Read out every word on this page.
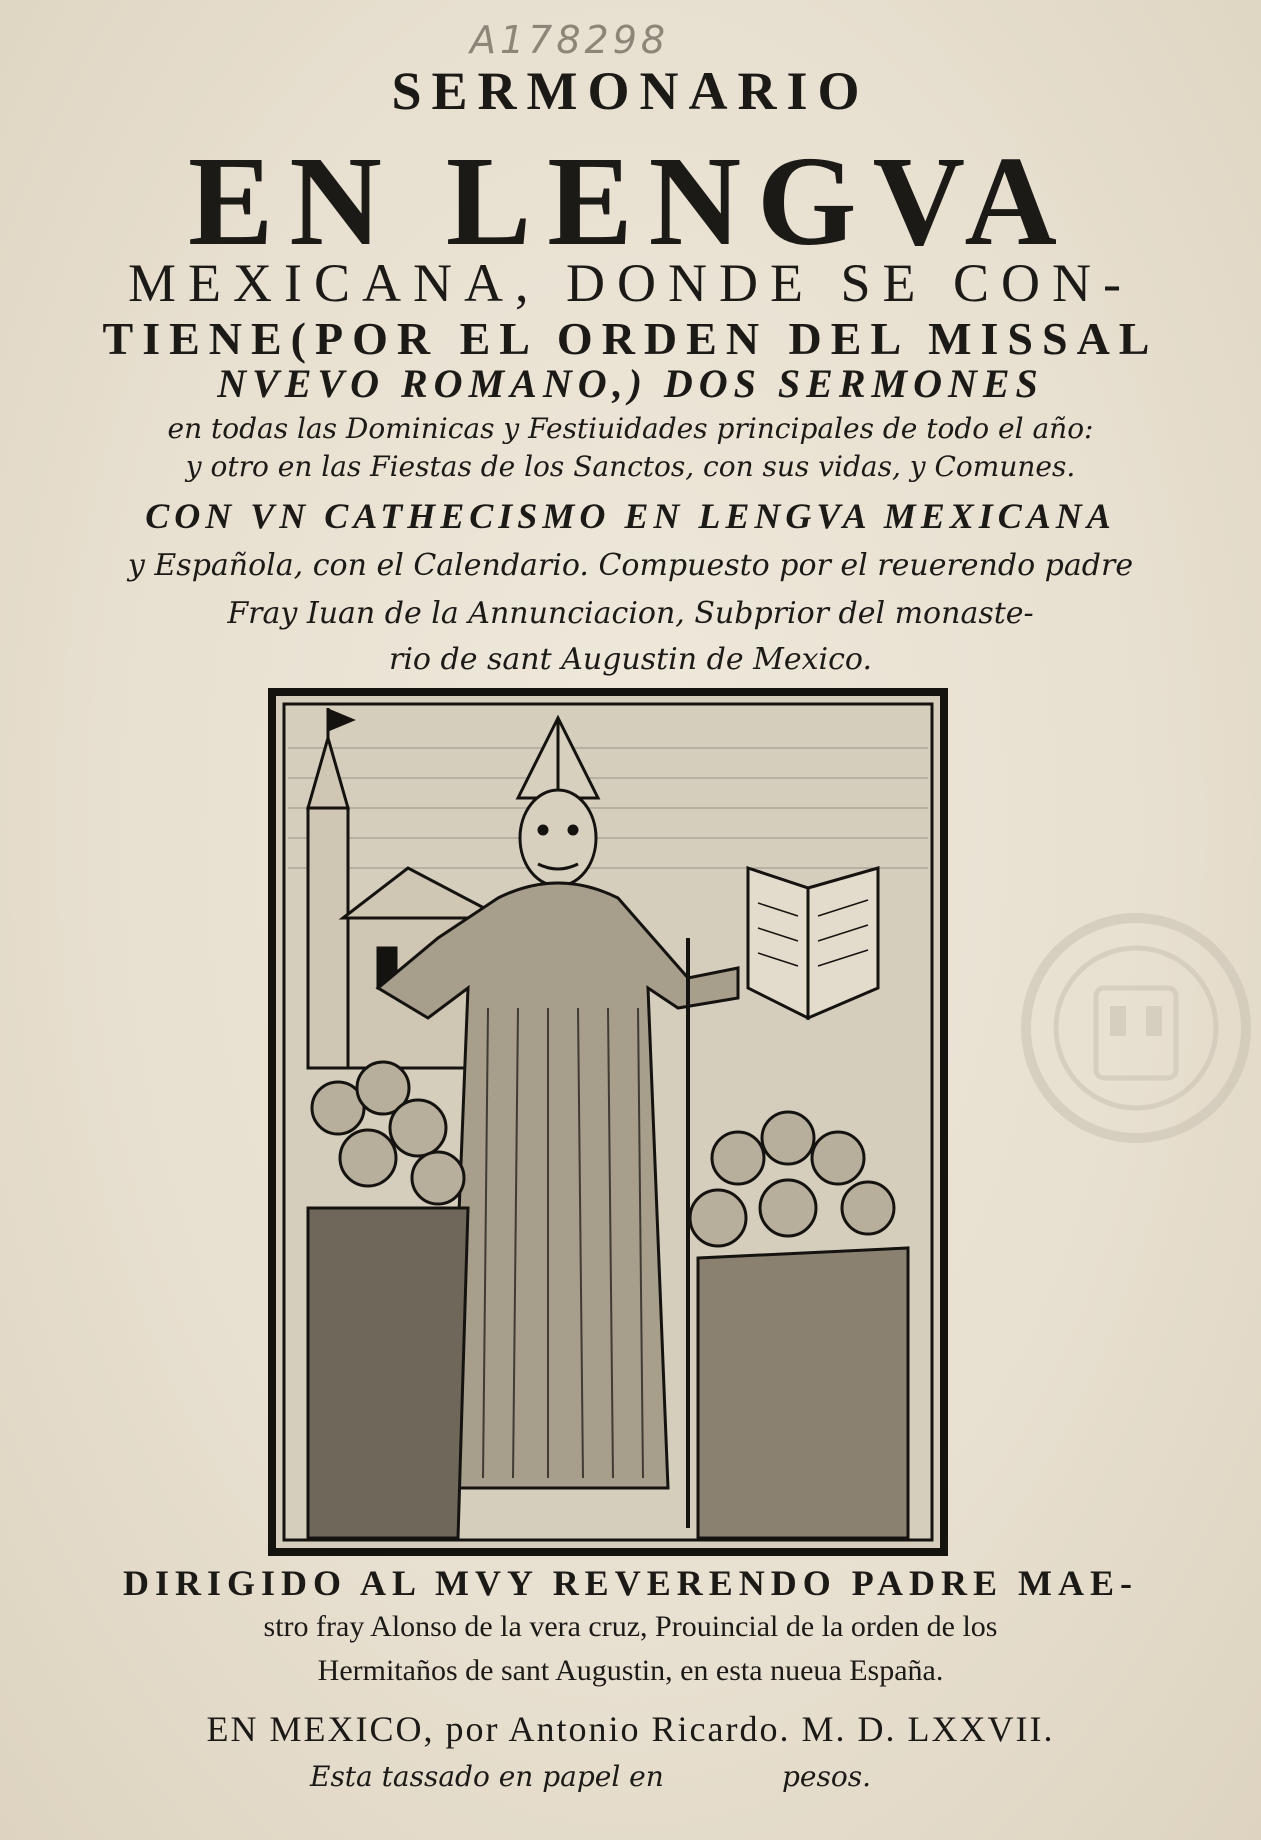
A178298
SERMONARIO
EN LENGVA
MEXICANA, DONDE SE CON-
TIENE(POR EL ORDEN DEL MISSAL
NVEVO ROMANO,) DOS SERMONES
en todas las Dominicas y Festiuidades principales de todo el año:
y otro en las Fiestas de los Sanctos, con sus vidas, y Comunes.
CON VN CATHECISMO EN LENGVA MEXICANA
y Española, con el Calendario. Compuesto por el reuerendo padre
Fray Iuan de la Annunciacion, Subprior del monaste-
rio de sant Augustin de Mexico.
DIRIGIDO AL MVY REVERENDO PADRE MAE-
stro fray Alonso de la vera cruz, Prouincial de la orden de los
Hermitaños de sant Augustin, en esta nueua España.
EN MEXICO, por Antonio Ricardo. M. D. LXXVII.
Esta tassado en papel en	pesos.
